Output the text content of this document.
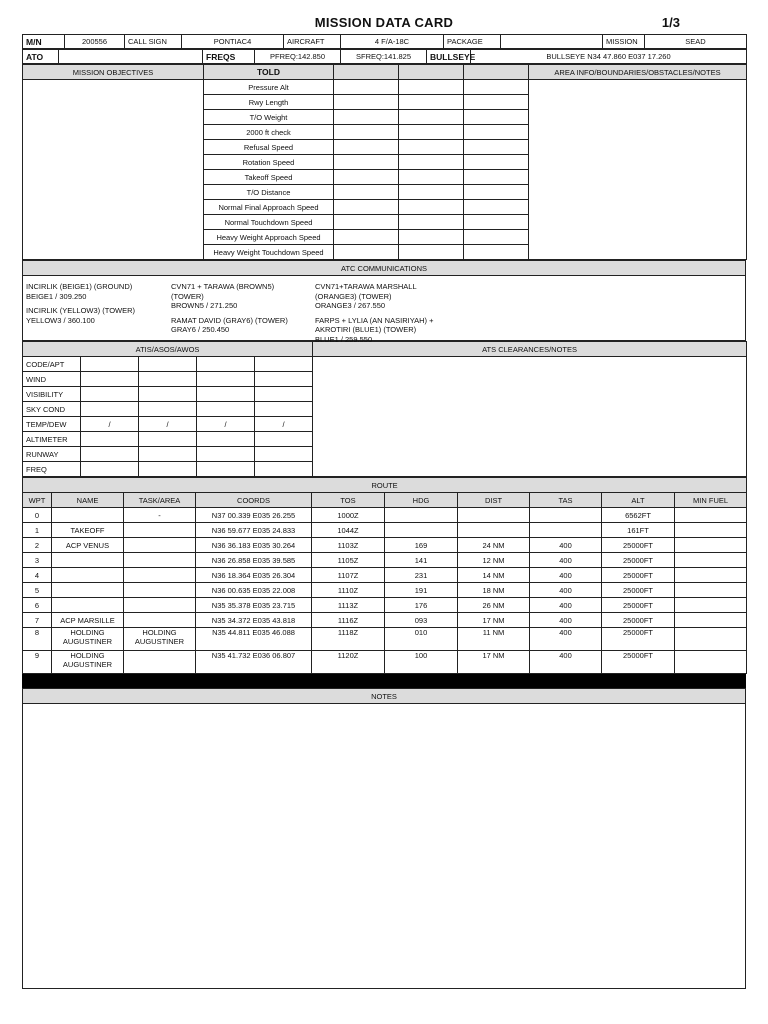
MISSION DATA CARD	1/3
M/N	200556	CALL SIGN	PONTIAC4	AIRCRAFT	4 F/A-18C	PACKAGE		MISSION	SEAD
ATO		FREQS	PFREQ:142.850	SFREQ:141.825	BULLSEYE	BULLSEYE N34 47.860 E037 17.260
MISSION OBJECTIVES	TOLD				AREA INFO/BOUNDARIES/OBSTACLES/NOTES
	Pressure Alt				
	Rwy Length				
	T/O Weight				
	2000 ft check				
	Refusal Speed				
	Rotation Speed				
	Takeoff Speed				
	T/O Distance				
	Normal Final Approach Speed				
	Normal Touchdown Speed				
	Heavy Weight Approach Speed				
	Heavy Weight Touchdown Speed				
ATC COMMUNICATIONS
INCIRLIK (BEIGE1) (GROUND)
BEIGE1 / 309.250
INCIRLIK (YELLOW3) (TOWER)
YELLOW3 / 360.100
CVN71 + TARAWA (BROWN5)
(TOWER)
BROWN5 / 271.250
RAMAT DAVID (GRAY6) (TOWER)
GRAY6 / 250.450
CVN71+TARAWA MARSHALL
(ORANGE3) (TOWER)
ORANGE3 / 267.550
FARPS + LYLIA (AN NASIRIYAH) +
AKROTIRI (BLUE1) (TOWER)
BLUE1 / 259.550
ATIS/ASOS/AWOS					ATS CLEARANCES/NOTES
CODE/APT					
WIND					
VISIBILITY					
SKY COND					
TEMP/DEW	/	/	/	/	
ALTIMETER					
RUNWAY					
FREQ					
ROUTE									
WPT	NAME	TASK/AREA	COORDS	TOS	HDG	DIST	TAS	ALT	MIN FUEL
0		-	N37 00.339 E035 26.255	1000Z				6562FT	
1	TAKEOFF		N36 59.677 E035 24.833	1044Z				161FT	
2	ACP VENUS		N36 36.183 E035 30.264	1103Z	169	24 NM	400	25000FT	
3			N36 26.858 E035 39.585	1105Z	141	12 NM	400	25000FT	
4			N36 18.364 E035 26.304	1107Z	231	14 NM	400	25000FT	
5			N36 00.635 E035 22.008	1110Z	191	18 NM	400	25000FT	
6			N35 35.378 E035 23.715	1113Z	176	26 NM	400	25000FT	
7	ACP MARSILLE		N35 34.372 E035 43.818	1116Z	093	17 NM	400	25000FT	
8	HOLDING AUGUSTINER	HOLDING AUGUSTINER	N35 44.811 E035 46.088	1118Z	010	11 NM	400	25000FT	
9	HOLDING AUGUSTINER		N35 41.732 E036 06.807	1120Z	100	17 NM	400	25000FT	
NOTES
